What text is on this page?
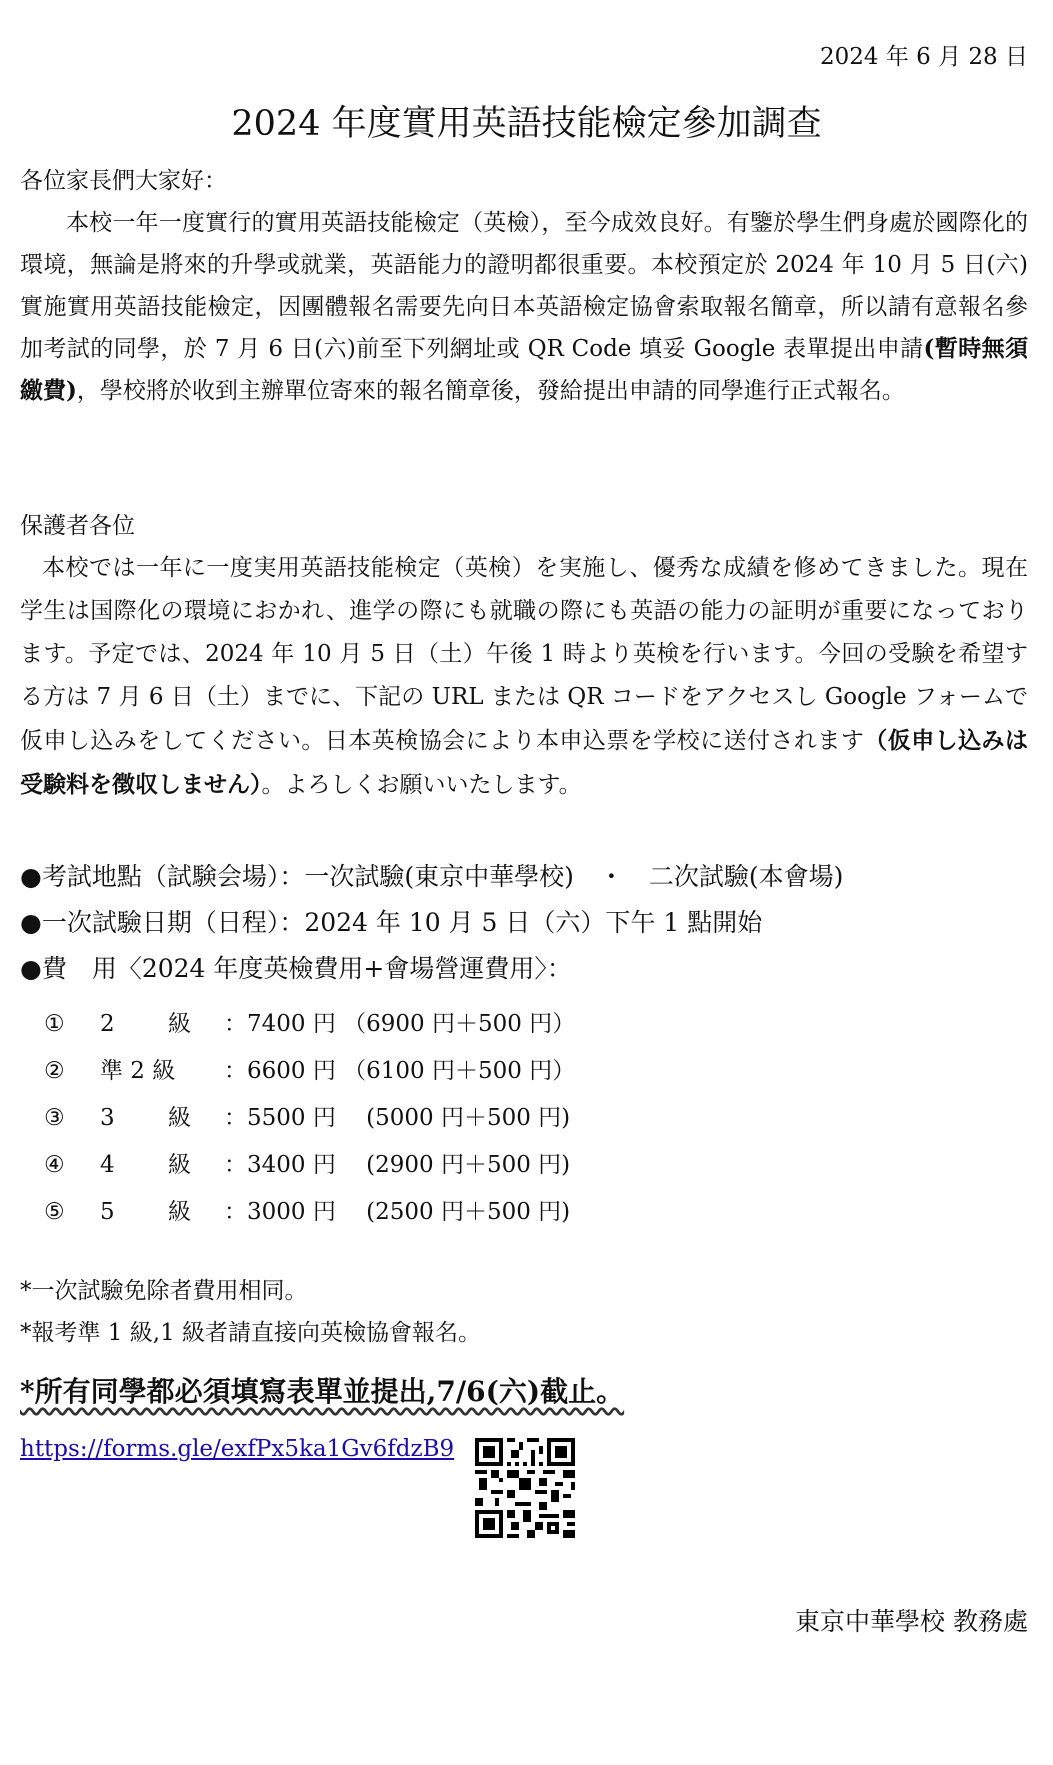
2024 年 6 月 28 日
2024 年度實用英語技能檢定參加調查

各位家長們大家好：

本校一年一度實行的實用英語技能檢定（英檢），至今成效良好。有鑒於學生們身處於國際化的環境，無論是將來的升學或就業，英語能力的證明都很重要。本校預定於 2024 年 10 月 5 日(六)實施實用英語技能檢定，因團體報名需要先向日本英語檢定協會索取報名簡章，所以請有意報名參加考試的同學，於 7 月 6 日(六)前至下列網址或 QR Code 填妥 Google 表單提出申請(暫時無須繳費)，學校將於收到主辦單位寄來的報名簡章後，發給提出申請的同學進行正式報名。

保護者各位

本校では一年に一度実用英語技能検定（英検）を実施し、優秀な成績を修めてきました。現在学生は国際化の環境におかれ、進学の際にも就職の際にも英語の能力の証明が重要になっております。予定では、2024 年 10 月 5 日（土）午後 1 時より英検を行います。今回の受験を希望する方は 7 月 6 日（土）までに、下記の URL または QR コードをアクセスし Google フォームで仮申し込みをしてください。日本英検協会により本申込票を学校に送付されます（仮申し込みは受験料を徴収しません）。よろしくお願いいたします。

●考試地點（試験会場）：一次試驗(東京中華學校)　・　二次試驗(本會場)
●一次試驗日期（日程）：2024 年 10 月 5 日（六）下午 1 點開始
●費　用〈2024 年度英檢費用+會場營運費用〉：
① 2　　 級 ：7400 円 （6900 円＋500 円）
② 準 2 級 ：6600 円 （6100 円＋500 円）
③ 3　　 級 ：5500 円 　(5000 円＋500 円)
④ 4　　 級 ：3400 円 　(2900 円＋500 円)
⑤ 5　　 級 ：3000 円 　(2500 円＋500 円)
*一次試驗免除者費用相同。
*報考準 1 級,1 級者請直接向英檢協會報名。
*所有同學都必須填寫表單並提出,7/6(六)截止。
https://forms.gle/exfPx5ka1Gv6fdzB9
東京中華學校 教務處
